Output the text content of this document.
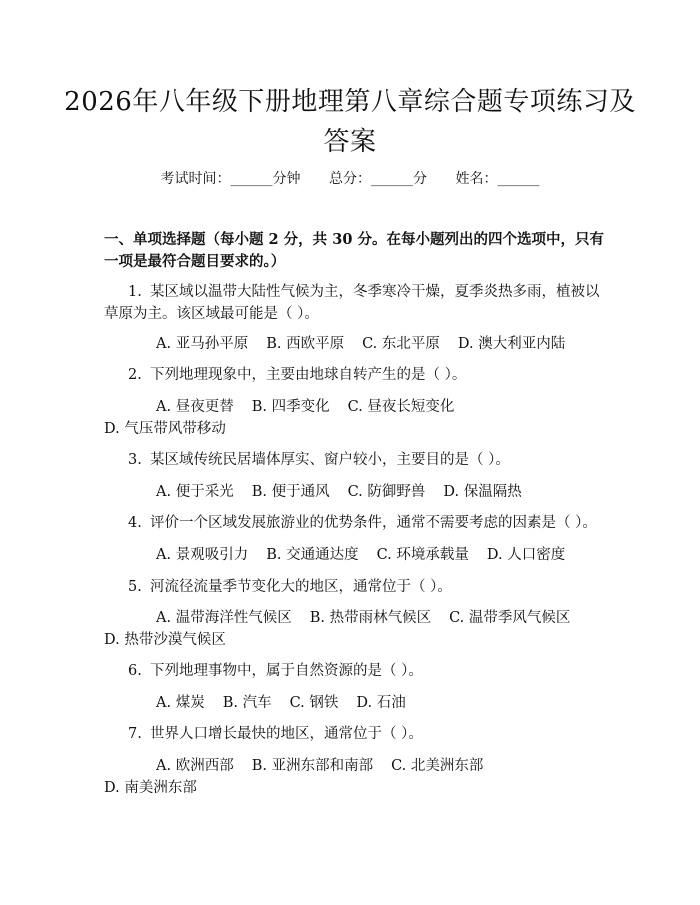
2026年八年级下册地理第八章综合题专项练习及答案
考试时间：______分钟 总分：______分 姓名：______
一、单项选择题（每小题 2 分，共 30 分。在每小题列出的四个选项中，只有一项是最符合题目要求的。）
1. 某区域以温带大陆性气候为主，冬季寒冷干燥，夏季炎热多雨，植被以草原为主。该区域最可能是（ ）。
A. 亚马孙平原 B. 西欧平原 C. 东北平原 D. 澳大利亚内陆
2. 下列地理现象中，主要由地球自转产生的是（ ）。
A. 昼夜更替 B. 四季变化 C. 昼夜长短变化D. 气压带风带移动
3. 某区域传统民居墙体厚实、窗户较小，主要目的是（ ）。
A. 便于采光 B. 便于通风 C. 防御野兽 D. 保温隔热
4. 评价一个区域发展旅游业的优势条件，通常不需要考虑的因素是（ ）。
A. 景观吸引力 B. 交通通达度 C. 环境承载量 D. 人口密度
5. 河流径流量季节变化大的地区，通常位于（ ）。
A. 温带海洋性气候区 B. 热带雨林气候区 C. 温带季风气候区D. 热带沙漠气候区
6. 下列地理事物中，属于自然资源的是（ ）。
A. 煤炭 B. 汽车 C. 钢铁 D. 石油
7. 世界人口增长最快的地区，通常位于（ ）。
A. 欧洲西部 B. 亚洲东部和南部 C. 北美洲东部D. 南美洲东部
